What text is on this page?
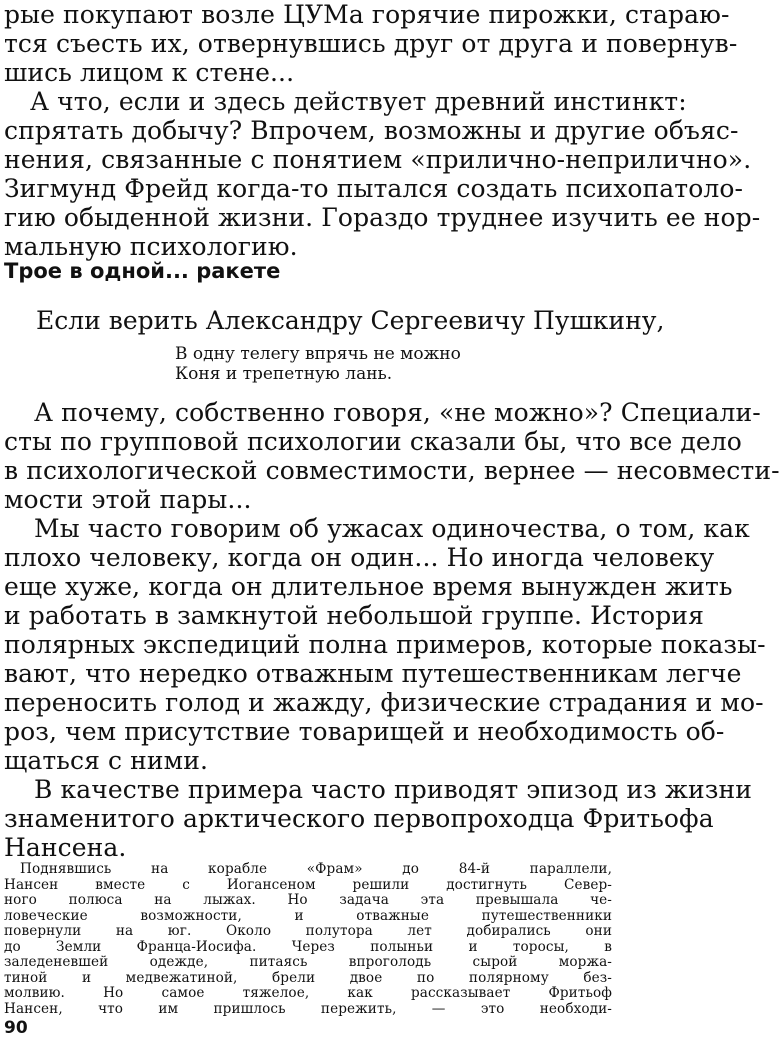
рые покупают возле ЦУМа горячие пирожки, стараю-
тся съесть их, отвернувшись друг от друга и повернув-
шись лицом к стене...
А что, если и здесь действует древний инстинкт:
спрятать добычу? Впрочем, возможны и другие объяс-
нения, связанные с понятием «прилично-неприлично».
Зигмунд Фрейд когда-то пытался создать психопатоло-
гию обыденной жизни. Гораздо труднее изучить ее нор-
мальную психологию.
Трое в одной... ракете
Если верить Александру Сергеевичу Пушкину,
В одну телегу впрячь не можно
Коня и трепетную лань.
А почему, собственно говоря, «не можно»? Специали-
сты по групповой психологии сказали бы, что все дело
в психологической совместимости, вернее — несовмести-
мости этой пары...
Мы часто говорим об ужасах одиночества, о том, как
плохо человеку, когда он один... Но иногда человеку
еще хуже, когда он длительное время вынужден жить
и работать в замкнутой небольшой группе. История
полярных экспедиций полна примеров, которые показы-
вают, что нередко отважным путешественникам легче
переносить голод и жажду, физические страдания и мо-
роз, чем присутствие товарищей и необходимость об-
щаться с ними.
В качестве примера часто приводят эпизод из жизни
знаменитого арктического первопроходца Фритьофа
Нансена.
90
Поднявшись на корабле «Фрам» до 84-й параллели,
Нансен вместе с Иогансеном решили достигнуть Север-
ного полюса на лыжах. Но задача эта превышала че-
ловеческие возможности, и отважные путешественники
повернули на юг. Около полутора лет добирались они
до Земли Франца-Иосифа. Через полыньи и торосы, в
заледеневшей одежде, питаясь впроголодь сырой моржа-
тиной и медвежатиной, брели двое по полярному без-
молвию. Но самое тяжелое, как рассказывает Фритьоф
Нансен, что им пришлось пережить, — это необходи-
